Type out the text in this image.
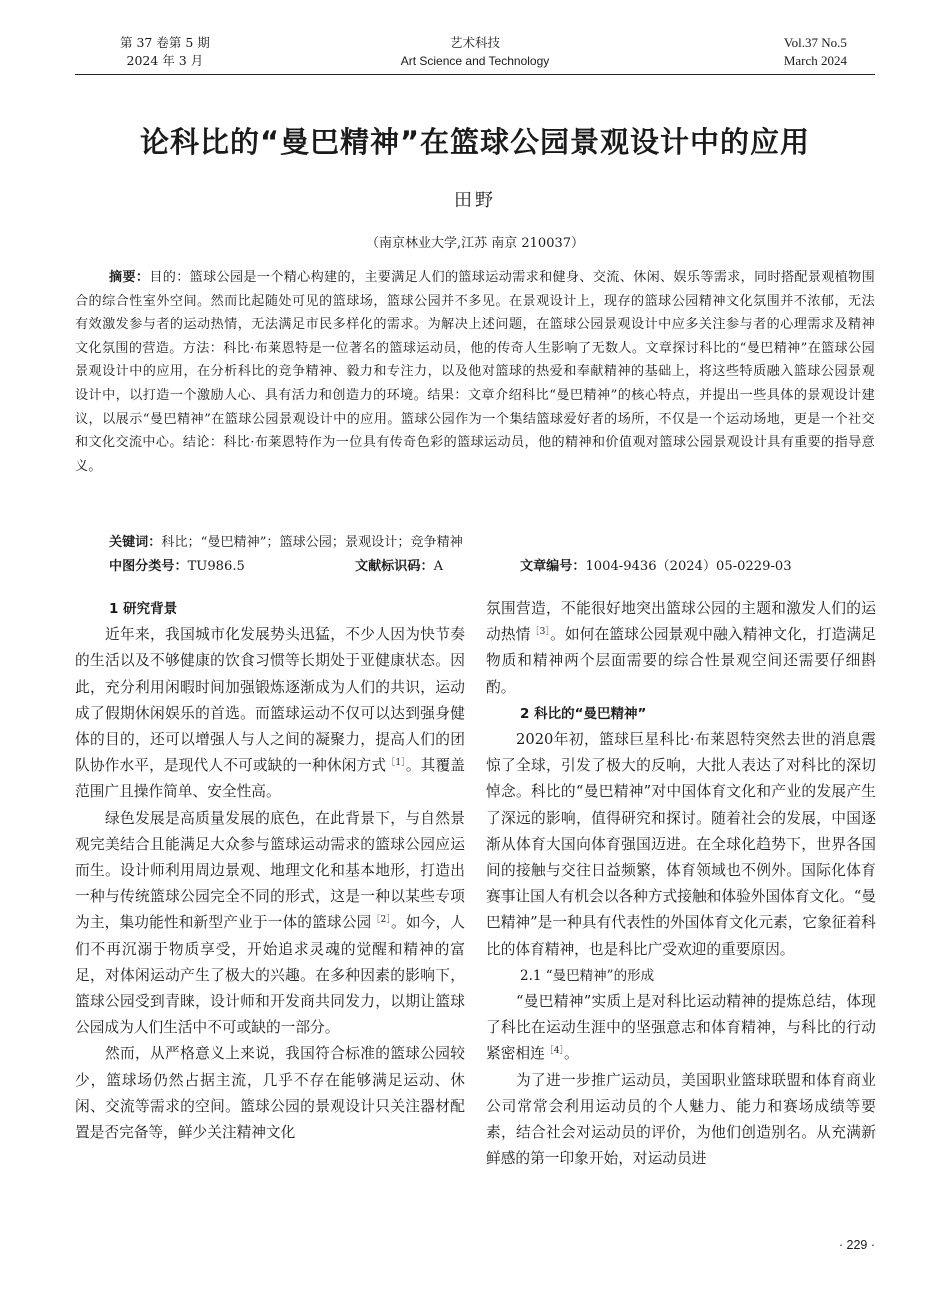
第 37 卷第 5 期
2024 年 3 月
艺术科技
Art Science and Technology
Vol.37 No.5
March 2024
论科比的“曼巴精神”在篮球公园景观设计中的应用
田野
（南京林业大学,江苏 南京 210037）

摘要：目的：篮球公园是一个精心构建的，主要满足人们的篮球运动需求和健身、交流、休闲、娱乐等需求，同时搭配景观植物围合的综合性室外空间。然而比起随处可见的篮球场，篮球公园并不多见。在景观设计上，现存的篮球公园精神文化氛围并不浓郁，无法有效激发参与者的运动热情，无法满足市民多样化的需求。为解决上述问题，在篮球公园景观设计中应多关注参与者的心理需求及精神文化氛围的营造。方法：科比·布莱恩特是一位著名的篮球运动员，他的传奇人生影响了无数人。文章探讨科比的“曼巴精神”在篮球公园景观设计中的应用，在分析科比的竞争精神、毅力和专注力，以及他对篮球的热爱和奉献精神的基础上，将这些特质融入篮球公园景观设计中，以打造一个激励人心、具有活力和创造力的环境。结果：文章介绍科比“曼巴精神”的核心特点，并提出一些具体的景观设计建议，以展示“曼巴精神”在篮球公园景观设计中的应用。篮球公园作为一个集结篮球爱好者的场所，不仅是一个运动场地，更是一个社交和文化交流中心。结论：科比·布莱恩特作为一位具有传奇色彩的篮球运动员，他的精神和价值观对篮球公园景观设计具有重要的指导意义。

关键词：科比；“曼巴精神”；篮球公园；景观设计；竞争精神
中图分类号：TU986.5	文献标识码：A	文章编号：1004-9436（2024）05-0229-03
1 研究背景

近年来，我国城市化发展势头迅猛，不少人因为快节奏的生活以及不够健康的饮食习惯等长期处于亚健康状态。因此，充分利用闲暇时间加强锻炼逐渐成为人们的共识，运动成了假期休闲娱乐的首选。而篮球运动不仅可以达到强身健体的目的，还可以增强人与人之间的凝聚力，提高人们的团队协作水平，是现代人不可或缺的一种休闲方式$^{[1]}$。其覆盖范围广且操作简单、安全性高。

绿色发展是高质量发展的底色，在此背景下，与自然景观完美结合且能满足大众参与篮球运动需求的篮球公园应运而生。设计师利用周边景观、地理文化和基本地形，打造出一种与传统篮球公园完全不同的形式，这是一种以某些专项为主，集功能性和新型产业于一体的篮球公园$^{[2]}$。如今，人们不再沉溺于物质享受，开始追求灵魂的觉醒和精神的富足，对体闲运动产生了极大的兴趣。在多种因素的影响下，篮球公园受到青睐，设计师和开发商共同发力，以期让篮球公园成为人们生活中不可或缺的一部分。

然而，从严格意义上来说，我国符合标准的篮球公园较少，篮球场仍然占据主流，几乎不存在能够满足运动、休闲、交流等需求的空间。篮球公园的景观设计只关注器材配置是否完备等，鲜少关注精神文化

氛围营造，不能很好地突出篮球公园的主题和激发人们的运动热情$^{[3]}$。如何在篮球公园景观中融入精神文化，打造满足物质和精神两个层面需要的综合性景观空间还需要仔细斟酌。

2 科比的“曼巴精神”

2020年初，篮球巨星科比·布莱恩特突然去世的消息震惊了全球，引发了极大的反响，大批人表达了对科比的深切悼念。科比的“曼巴精神”对中国体育文化和产业的发展产生了深远的影响，值得研究和探讨。随着社会的发展，中国逐渐从体育大国向体育强国迈进。在全球化趋势下，世界各国间的接触与交往日益频繁，体育领域也不例外。国际化体育赛事让国人有机会以各种方式接触和体验外国体育文化。“曼巴精神”是一种具有代表性的外国体育文化元素，它象征着科比的体育精神，也是科比广受欢迎的重要原因。

2.1 “曼巴精神”的形成

“曼巴精神”实质上是对科比运动精神的提炼总结，体现了科比在运动生涯中的坚强意志和体育精神，与科比的行动紧密相连$^{[4]}$。

为了进一步推广运动员，美国职业篮球联盟和体育商业公司常常会利用运动员的个人魅力、能力和赛场成绩等要素，结合社会对运动员的评价，为他们创造别名。从充满新鲜感的第一印象开始，对运动员进

· 229 ·
